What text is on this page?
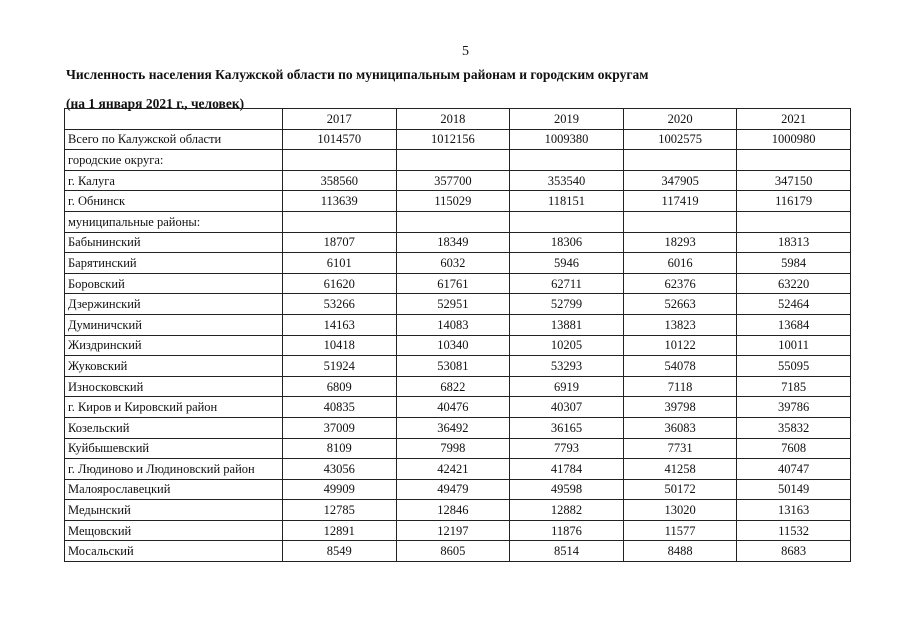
5
Численность населения Калужской области по муниципальным районам и городским округам
(на 1 января 2021 г., человек)
	2017	2018	2019	2020	2021
Всего по Калужской области	1014570	1012156	1009380	1002575	1000980
городские округа:					
г. Калуга	358560	357700	353540	347905	347150
г. Обнинск	113639	115029	118151	117419	116179
муниципальные районы:					
Бабынинский	18707	18349	18306	18293	18313
Барятинский	6101	6032	5946	6016	5984
Боровский	61620	61761	62711	62376	63220
Дзержинский	53266	52951	52799	52663	52464
Думиничский	14163	14083	13881	13823	13684
Жиздринский	10418	10340	10205	10122	10011
Жуковский	51924	53081	53293	54078	55095
Износковский	6809	6822	6919	7118	7185
г. Киров и Кировский район	40835	40476	40307	39798	39786
Козельский	37009	36492	36165	36083	35832
Куйбышевский	8109	7998	7793	7731	7608
г. Людиново и Людиновский район	43056	42421	41784	41258	40747
Малоярославецкий	49909	49479	49598	50172	50149
Медынский	12785	12846	12882	13020	13163
Мещовский	12891	12197	11876	11577	11532
Мосальский	8549	8605	8514	8488	8683
